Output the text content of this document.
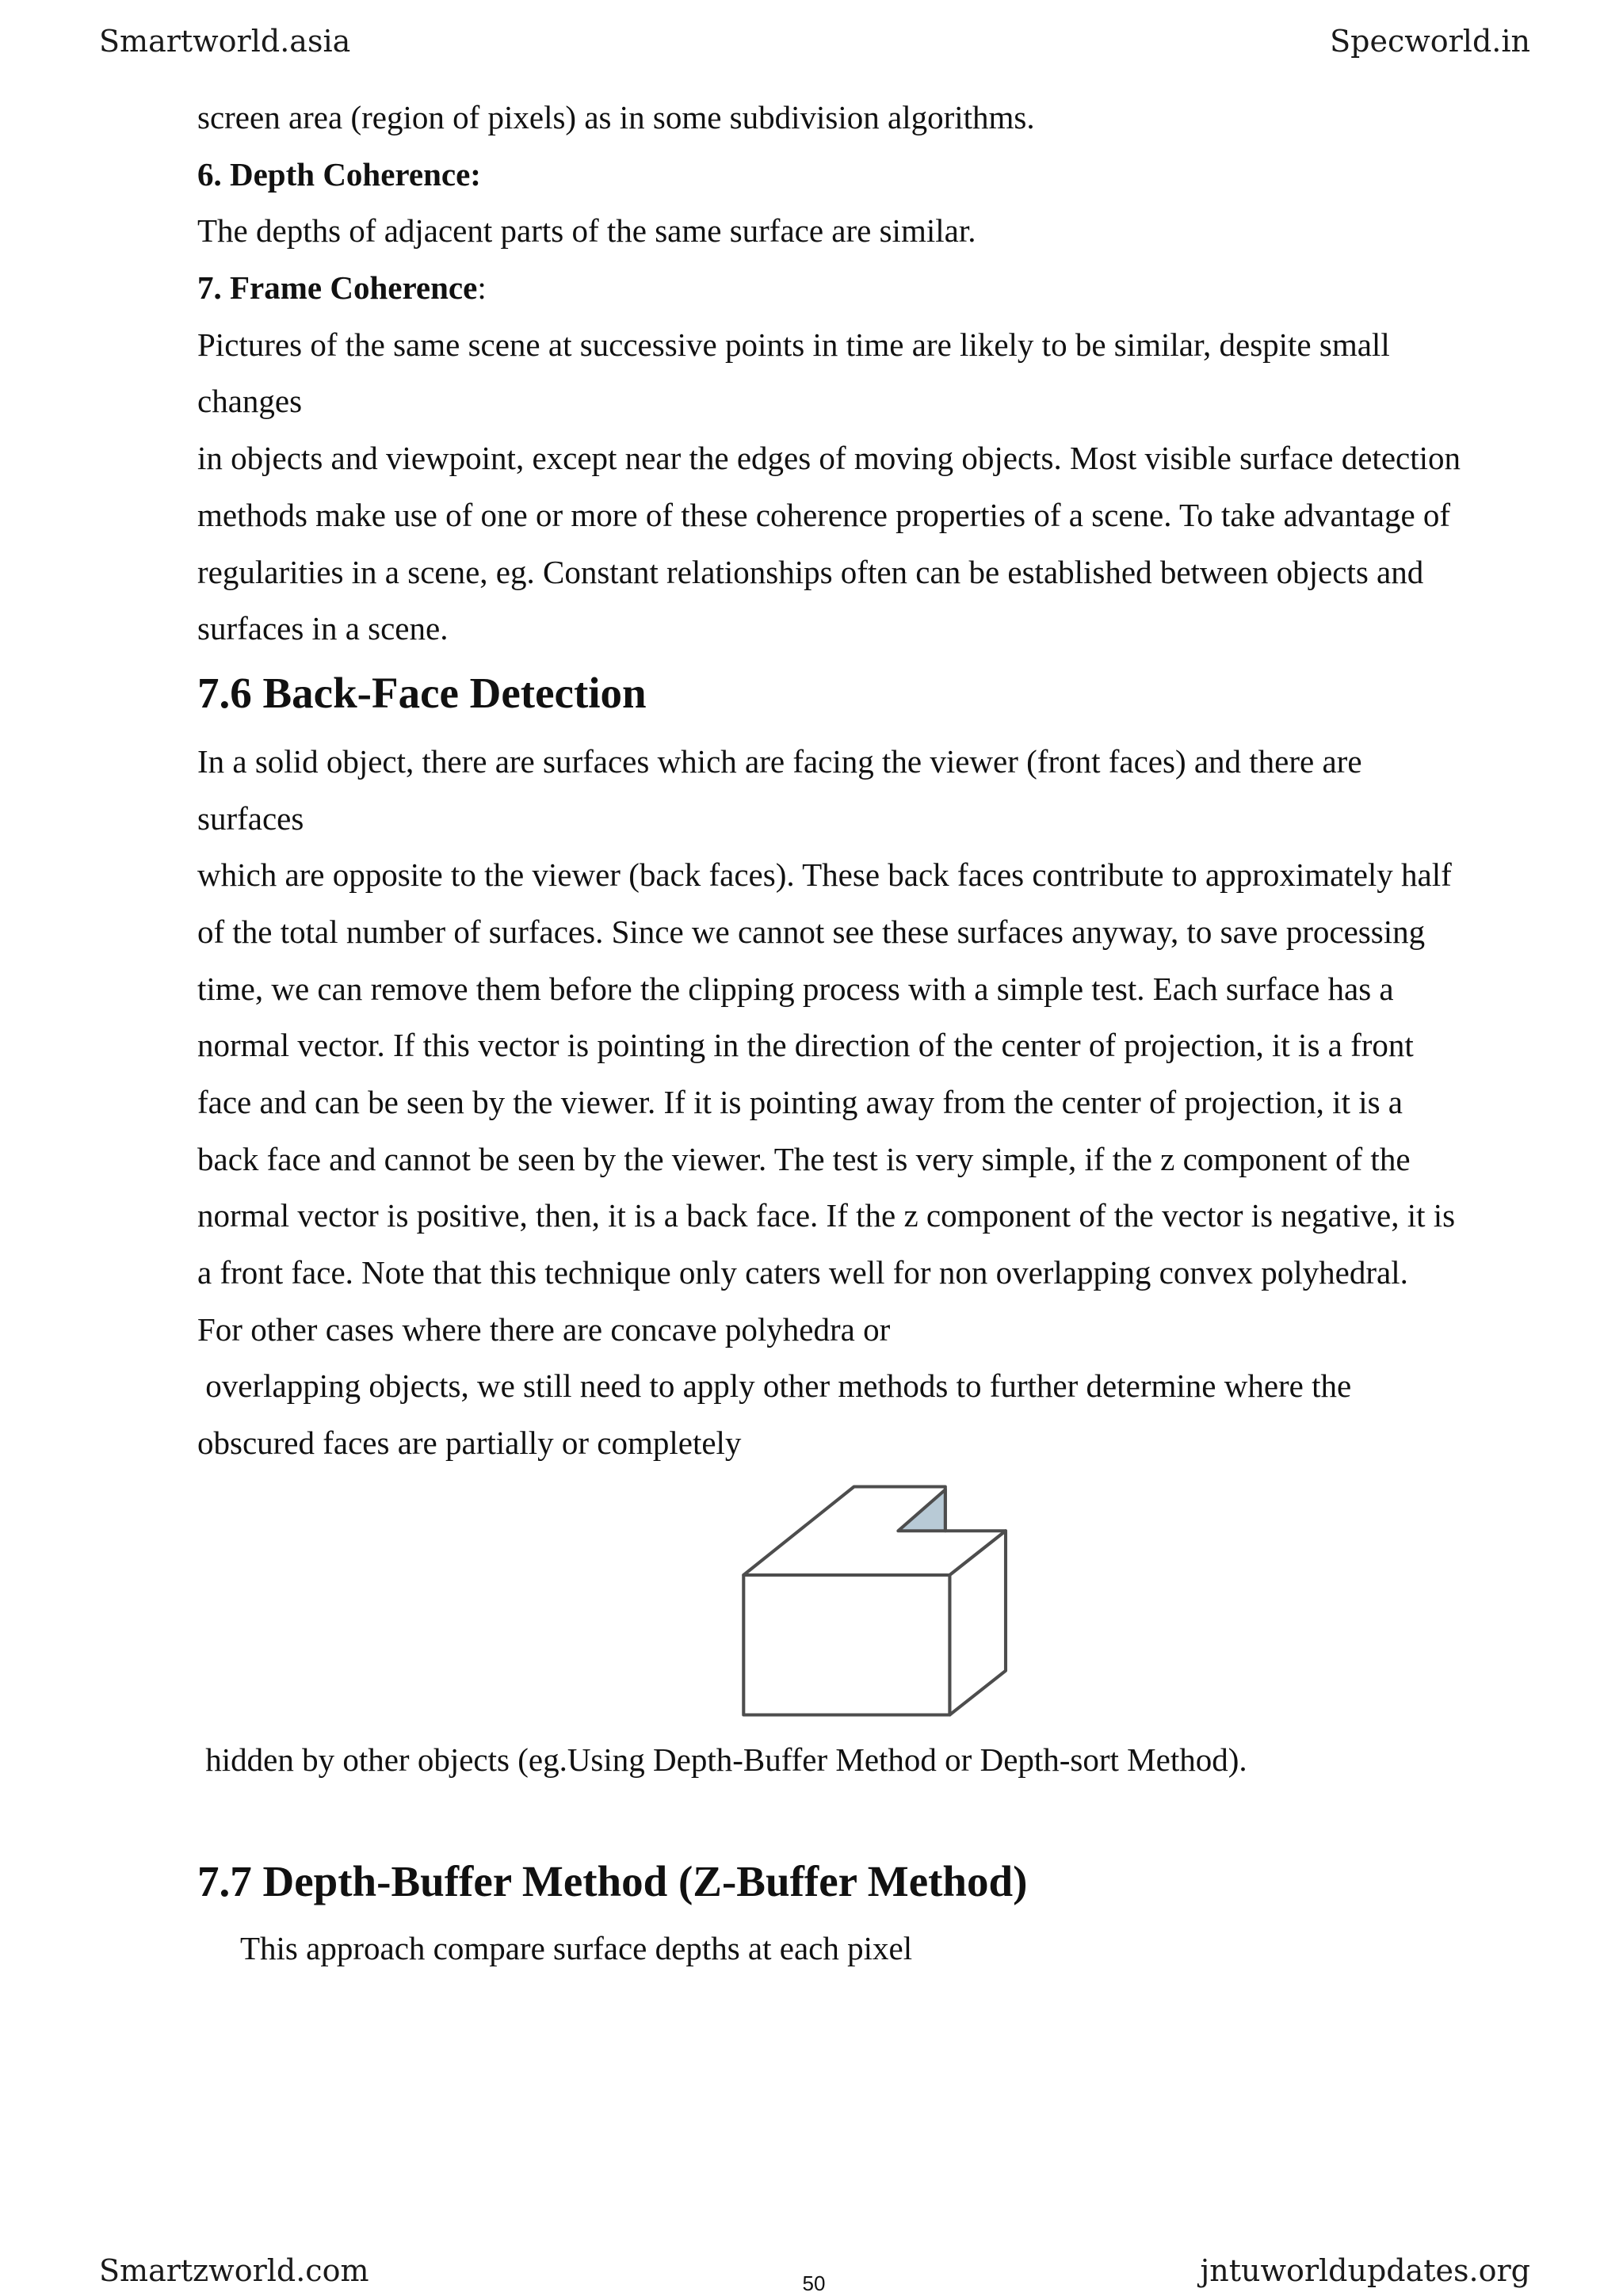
Smartworld.asia	Specworld.in
screen area (region of pixels) as in some subdivision algorithms.
6. Depth Coherence:
The depths of adjacent parts of the same surface are similar.
7. Frame Coherence:
Pictures of the same scene at successive points in time are likely to be similar, despite small
changes
in objects and viewpoint, except near the edges of moving objects. Most visible surface detection
methods make use of one or more of these coherence properties of a scene. To take advantage of
regularities in a scene, eg. Constant relationships often can be established between objects and
surfaces in a scene.
7.6 Back-Face Detection
In a solid object, there are surfaces which are facing the viewer (front faces) and there are
surfaces
which are opposite to the viewer (back faces). These back faces contribute to approximately half
of the total number of surfaces. Since we cannot see these surfaces anyway, to save processing
time, we can remove them before the clipping process with a simple test. Each surface has a
normal vector. If this vector is pointing in the direction of the center of projection, it is a front
face and can be seen by the viewer. If it is pointing away from the center of projection, it is a
back face and cannot be seen by the viewer. The test is very simple, if the z component of the
normal vector is positive, then, it is a back face. If the z component of the vector is negative, it is
a front face. Note that this technique only caters well for non overlapping convex polyhedral.
For other cases where there are concave polyhedra or
overlapping objects, we still need to apply other methods to further determine where the
obscured faces are partially or completely
hidden by other objects (eg.Using Depth-Buffer Method or Depth-sort Method).
7.7 Depth-Buffer Method (Z-Buffer Method)
This approach compare surface depths at each pixel
Smartzworld.com	50	jntuworldupdates.org
